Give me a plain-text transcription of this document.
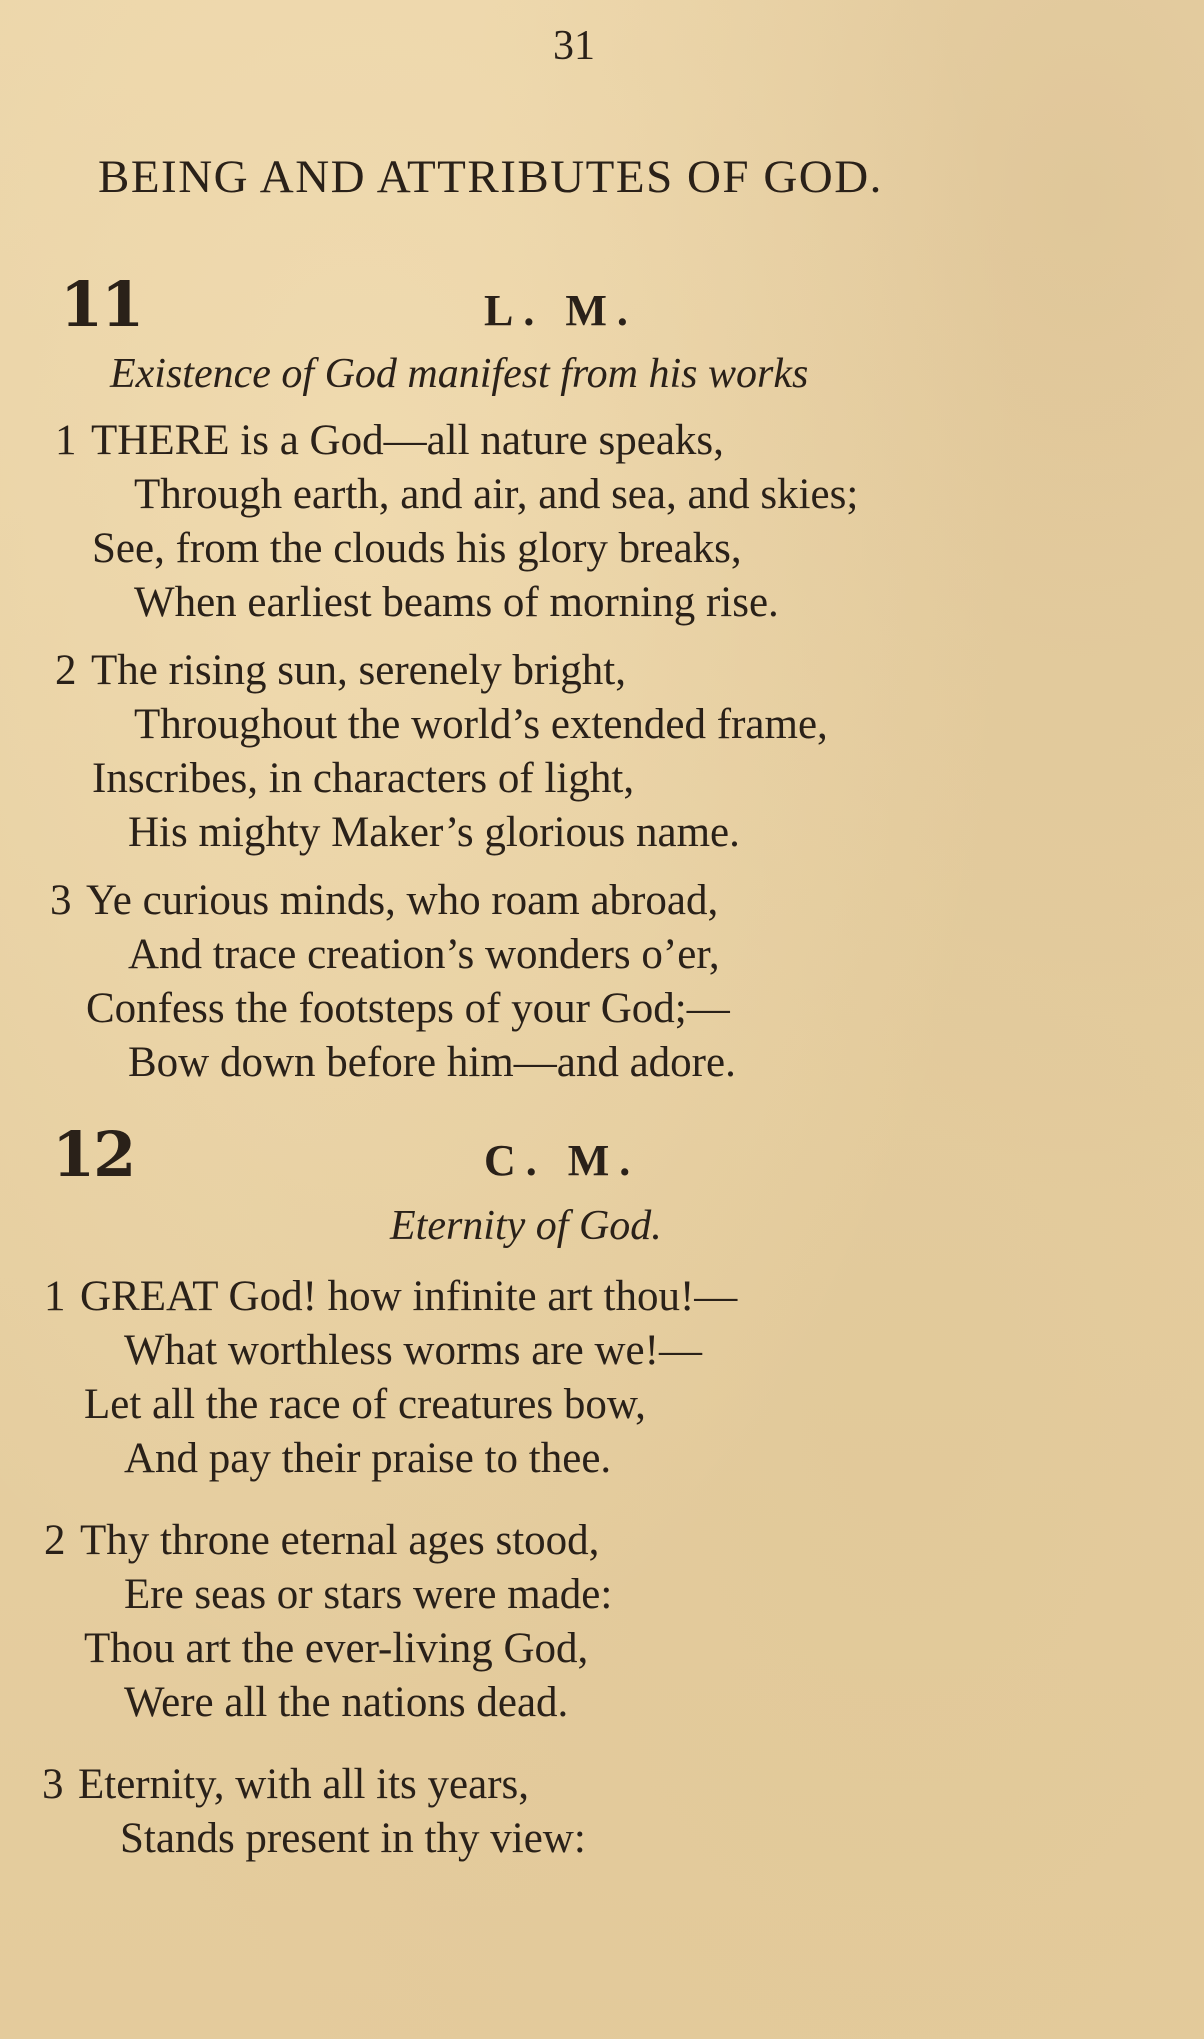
31
BEING AND ATTRIBUTES OF GOD.
11	L. M.
Existence of God manifest from his works
1 THERE is a God—all nature speaks,
Through earth, and air, and sea, and skies;
See, from the clouds his glory breaks,
When earliest beams of morning rise.
2 The rising sun, serenely bright,
Throughout the world’s extended frame,
Inscribes, in characters of light,
His mighty Maker’s glorious name.
3 Ye curious minds, who roam abroad,
And trace creation’s wonders o’er,
Confess the footsteps of your God;—
Bow down before him—and adore.
12	C. M.
Eternity of God.
1 GREAT God! how infinite art thou!—
What worthless worms are we!—
Let all the race of creatures bow,
And pay their praise to thee.
2 Thy throne eternal ages stood,
Ere seas or stars were made:
Thou art the ever-living God,
Were all the nations dead.
3 Eternity, with all its years,
Stands present in thy view:
